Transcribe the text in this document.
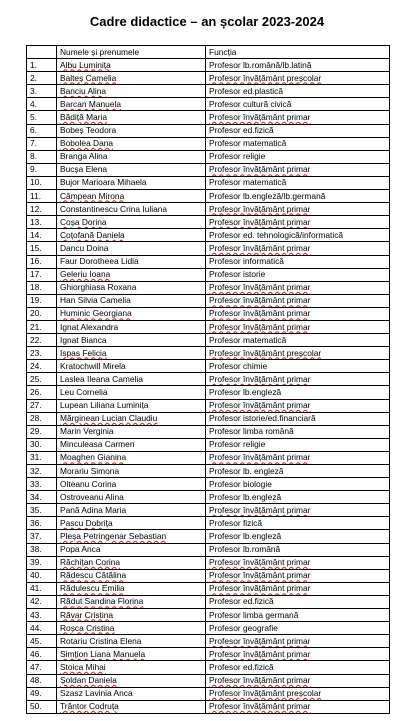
Cadre didactice – an școlar 2023-2024
	Numele și prenumele	Funcția
1.	Albu Luminița	Profesor lb.română/lb.latină
2.	Balteș Camelia	Profesor învățământ preșcolar
3.	Banciu Alina	Profesor ed.plastică
4.	Barcan Manuela	Profesor cultură civică
5.	Bădiță Maria	Profesor învățământ primar
6.	Bobeș Teodora	Profesor ed.fizică
7.	Bobolea Dana	Profesor matematică
8.	Branga Alina	Profesor religie
9.	Bucșa Elena	Profesor învățământ primar
10.	Bujor Marioara Mihaela	Profesor matematică
11.	Câmpean Mirona	Profesor lb.engleză/lb.germană
12.	Constantinescu Crina Iuliana	Profesor învățământ primar
13.	Coșa Dorina	Profesor învățământ primar
14.	Coțofană Daniela	Profesor ed. tehnologică/informatică
15.	Dancu Doina	Profesor învățământ primar
16.	Faur Dorotheea Lidia	Profesor informatică
17.	Geleriu Ioana	Profesor istorie
18.	Ghiorghiasa Roxana	Profesor învățământ primar
19.	Han Silvia Camelia	Profesor învățământ primar
20.	Huminic Georgiana	Profesor învățământ primar
21.	Ignat Alexandra	Profesor învățământ primar
22.	Ignat Bianca	Profesor matematică
23.	Ispas Felicia	Profesor învățământ preșcolar
24.	Kratochwill Mirela	Profesor chimie
25.	Laslea Ileana Camelia	Profesor învățământ primar
26.	Leu Cornelia	Profesor lb.engleză
27.	Lupean Liliana Luminița	Profesor învățământ primar
28.	Mărginean Lucian Claudiu	Profesor istorie/ed.financiară
29.	Marin Verginia	Profesor limba română
30.	Minculeasa Carmen	Profesor religie
31.	Moaghen Gianina	Profesor învățământ primar
32.	Morariu Simona	Profesor lb. engleză
33.	Olteanu Corina	Profesor biologie
34.	Ostroveanu Alina	Profesor lb.engleză
35.	Pană Adina Maria	Profesor învățământ primar
36.	Pascu Dobrița	Profesor fizică
37.	Pleșa Petringenar Sebastian	Profesor lb.engleză
38.	Popa Anca	Profesor lb.română
39.	Răchițan Corina	Profesor învățământ primar
40.	Rădescu Cătălina	Profesor învățământ primar
41.	Rădulescu Emilia	Profesor învățământ primar
42.	Rădut Sandina Florina	Profesor ed.fizică
43.	Răvar Cristina	Profesor limba germană
44.	Roșca Cristina	Profesor geografie
45.	Rotariu Cristina Elena	Profesor învățământ primar
46.	Simțion Liana Manuela	Profesor învățământ primar
47.	Stoica Mihai	Profesor ed.fizică
48.	Șoldan Daniela	Profesor învățământ primar
49.	Szasz Lavinia Anca	Profesor învățământ preșcolar
50.	Trântor Codruța	Profesor învățământ primar
